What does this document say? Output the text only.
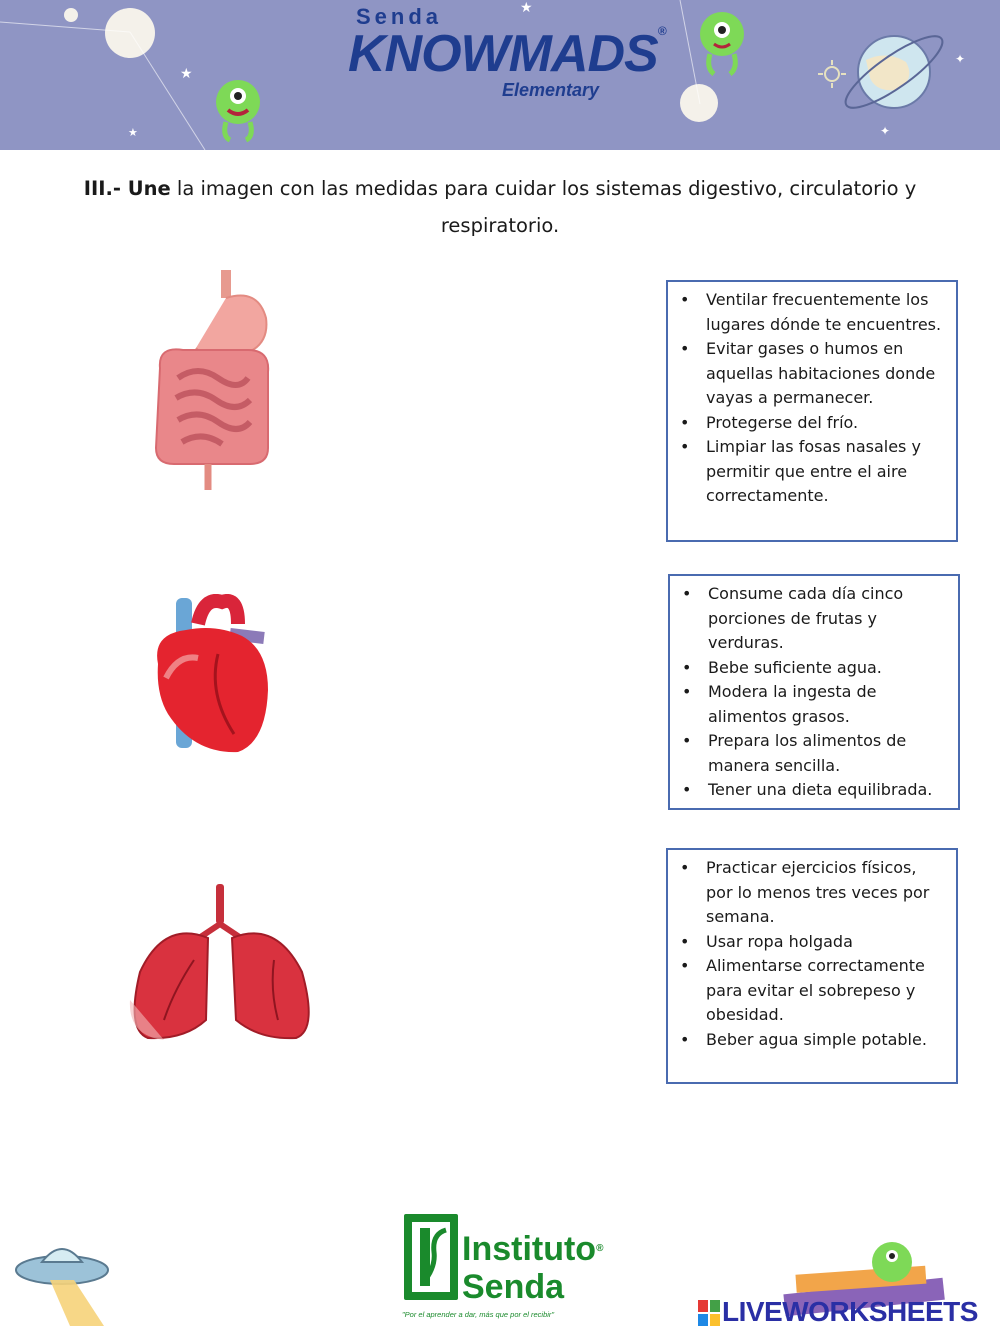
★
★
★	✦
✦
Senda
KNOWMADS®
Elementary
III.- Une la imagen con las medidas para cuidar los sistemas digestivo, circulatorio y respiratorio.
• Ventilar frecuentemente los lugares dónde te encuentres.
• Evitar gases o humos en aquellas habitaciones donde vayas a permanecer.
• Protegerse del frío.
• Limpiar las fosas nasales y permitir que entre el aire correctamente.
• Consume cada día cinco porciones de frutas y verduras.
• Bebe suficiente agua.
• Modera la ingesta de alimentos grasos.
• Prepara los alimentos de manera sencilla.
• Tener una dieta equilibrada.
• Practicar ejercicios físicos, por lo menos tres veces por semana.
• Usar ropa holgada
• Alimentarse correctamente para evitar el sobrepeso y obesidad.
• Beber agua simple potable.
Instituto®
Senda
"Por el aprender a dar, más que por el recibir"	LIVEWORKSHEETS
